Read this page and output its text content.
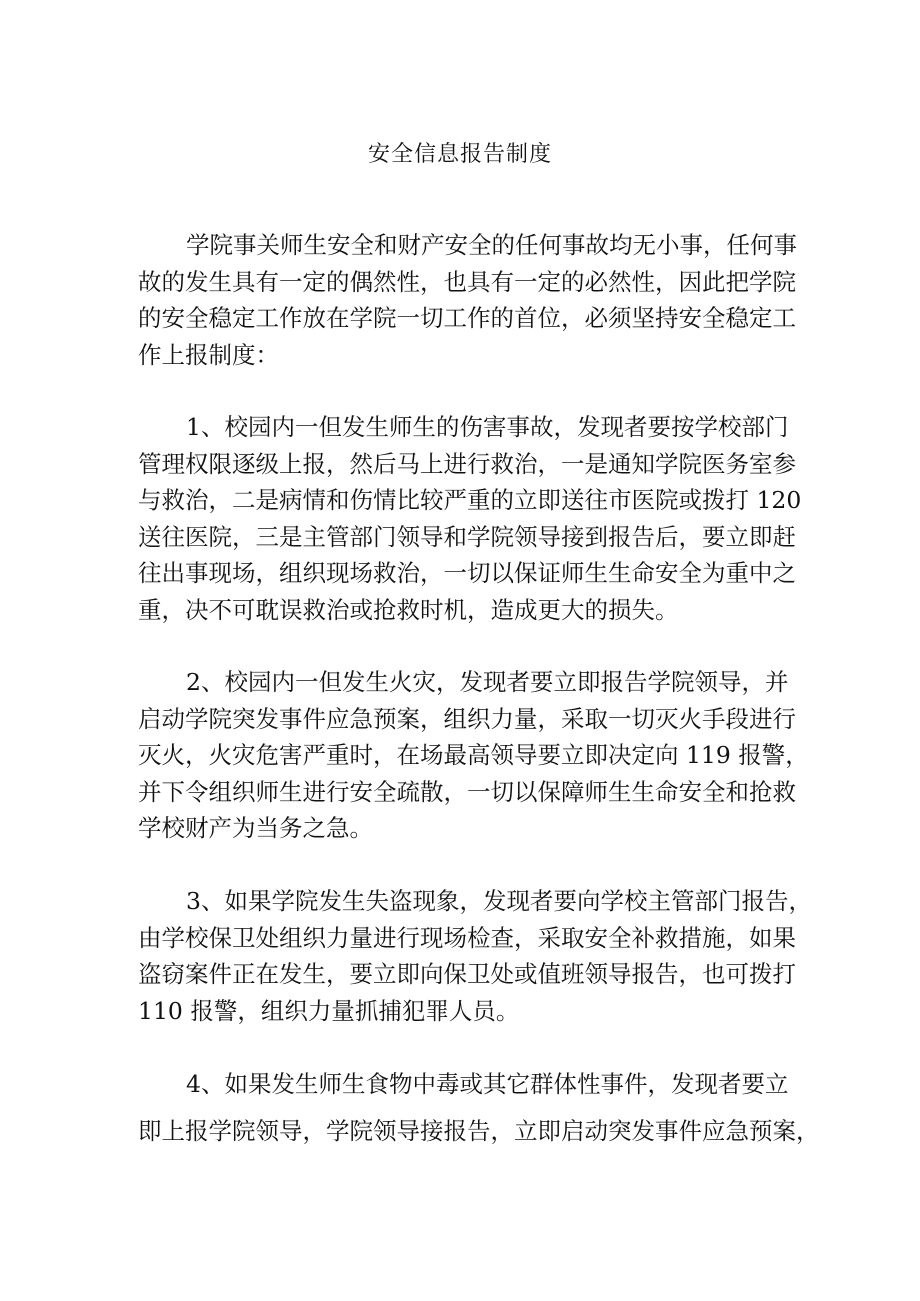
安全信息报告制度
学院事关师生安全和财产安全的任何事故均无小事，任何事
故的发生具有一定的偶然性，也具有一定的必然性，因此把学院
的安全稳定工作放在学院一切工作的首位，必须坚持安全稳定工
作上报制度：
1、校园内一但发生师生的伤害事故，发现者要按学校部门
管理权限逐级上报，然后马上进行救治，一是通知学院医务室参
与救治，二是病情和伤情比较严重的立即送往市医院或拨打 120
送往医院，三是主管部门领导和学院领导接到报告后，要立即赶
往出事现场，组织现场救治，一切以保证师生生命安全为重中之
重，决不可耽误救治或抢救时机，造成更大的损失。
2、校园内一但发生火灾，发现者要立即报告学院领导，并
启动学院突发事件应急预案，组织力量，采取一切灭火手段进行
灭火，火灾危害严重时，在场最高领导要立即决定向 119 报警，
并下令组织师生进行安全疏散，一切以保障师生生命安全和抢救
学校财产为当务之急。
3、如果学院发生失盗现象，发现者要向学校主管部门报告，
由学校保卫处组织力量进行现场检查，采取安全补救措施，如果
盗窃案件正在发生，要立即向保卫处或值班领导报告，也可拨打
110 报警，组织力量抓捕犯罪人员。
4、如果发生师生食物中毒或其它群体性事件，发现者要立
即上报学院领导，学院领导接报告，立即启动突发事件应急预案，
